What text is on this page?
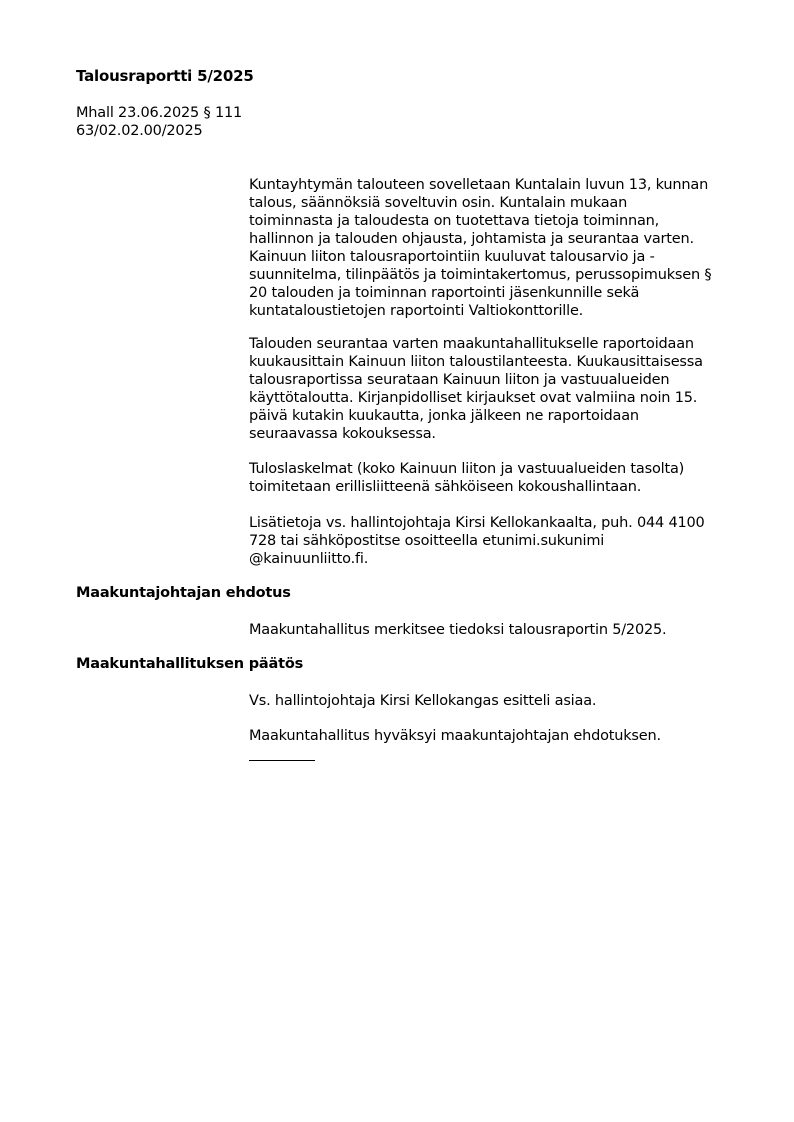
Talousraportti 5/2025
Mhall 23.06.2025 § 111
63/02.02.00/2025
Kuntayhtymän talouteen sovelletaan Kuntalain luvun 13, kunnan
talous, säännöksiä soveltuvin osin. Kuntalain mukaan
toiminnasta ja taloudesta on tuotettava tietoja toiminnan,
hallinnon ja talouden ohjausta, johtamista ja seurantaa varten.
Kainuun liiton talousraportointiin kuuluvat talousarvio ja -
suunnitelma, tilinpäätös ja toimintakertomus, perussopimuksen §
20 talouden ja toiminnan raportointi jäsenkunnille sekä
kuntataloustietojen raportointi Valtiokonttorille.
Talouden seurantaa varten maakuntahallitukselle raportoidaan
kuukausittain Kainuun liiton taloustilanteesta. Kuukausittaisessa
talousraportissa seurataan Kainuun liiton ja vastuualueiden
käyttötaloutta. Kirjanpidolliset kirjaukset ovat valmiina noin 15.
päivä kutakin kuukautta, jonka jälkeen ne raportoidaan
seuraavassa kokouksessa.
Tuloslaskelmat (koko Kainuun liiton ja vastuualueiden tasolta)
toimitetaan erillisliitteenä sähköiseen kokoushallintaan.
Lisätietoja vs. hallintojohtaja Kirsi Kellokankaalta, puh. 044 4100
728 tai sähköpostitse osoitteella etunimi.sukunimi
@kainuunliitto.fi.
Maakuntajohtajan ehdotus
Maakuntahallitus merkitsee tiedoksi talousraportin 5/2025.
Maakuntahallituksen päätös
Vs. hallintojohtaja Kirsi Kellokangas esitteli asiaa.
Maakuntahallitus hyväksyi maakuntajohtajan ehdotuksen.
